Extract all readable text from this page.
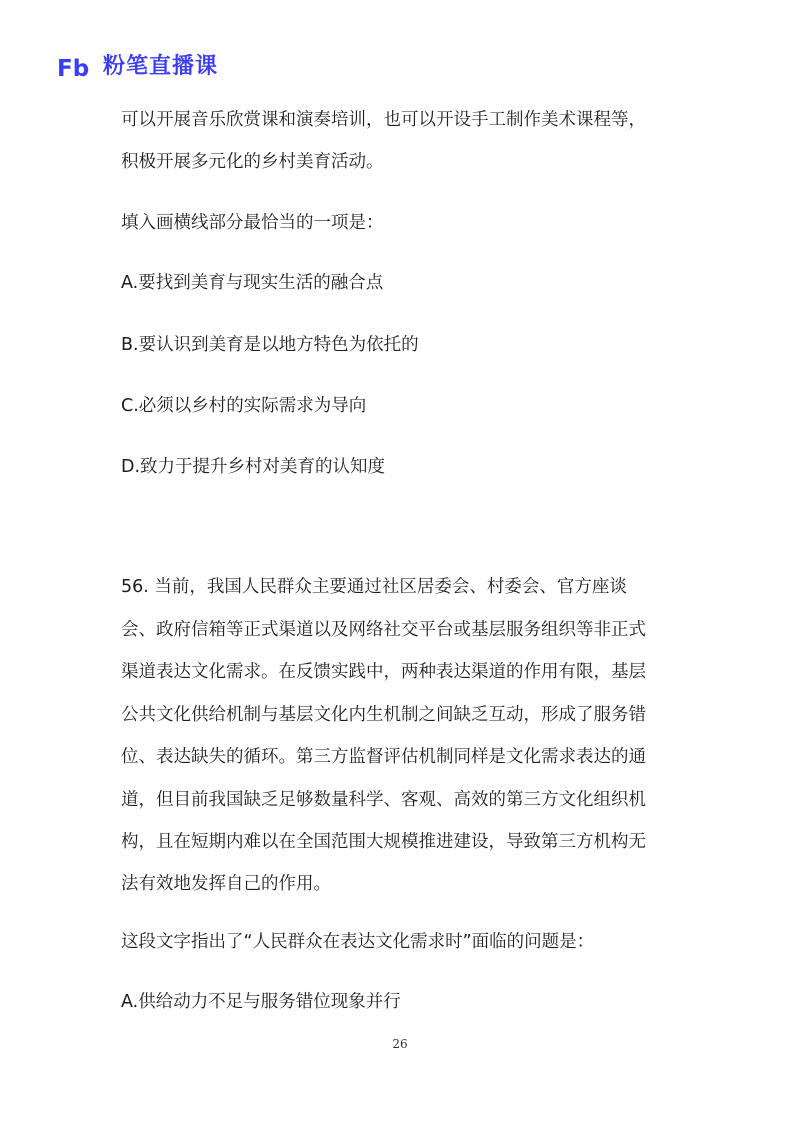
Fb 粉笔直播课
可以开展音乐欣赏课和演奏培训，也可以开设手工制作美术课程等，
积极开展多元化的乡村美育活动。
填入画横线部分最恰当的一项是：
A.要找到美育与现实生活的融合点
B.要认识到美育是以地方特色为依托的
C.必须以乡村的实际需求为导向
D.致力于提升乡村对美育的认知度
56. 当前，我国人民群众主要通过社区居委会、村委会、官方座谈
会、政府信箱等正式渠道以及网络社交平台或基层服务组织等非正式
渠道表达文化需求。在反馈实践中，两种表达渠道的作用有限，基层
公共文化供给机制与基层文化内生机制之间缺乏互动，形成了服务错
位、表达缺失的循环。第三方监督评估机制同样是文化需求表达的通
道，但目前我国缺乏足够数量科学、客观、高效的第三方文化组织机
构，且在短期内难以在全国范围大规模推进建设，导致第三方机构无
法有效地发挥自己的作用。
这段文字指出了“人民群众在表达文化需求时”面临的问题是：
A.供给动力不足与服务错位现象并行
26
